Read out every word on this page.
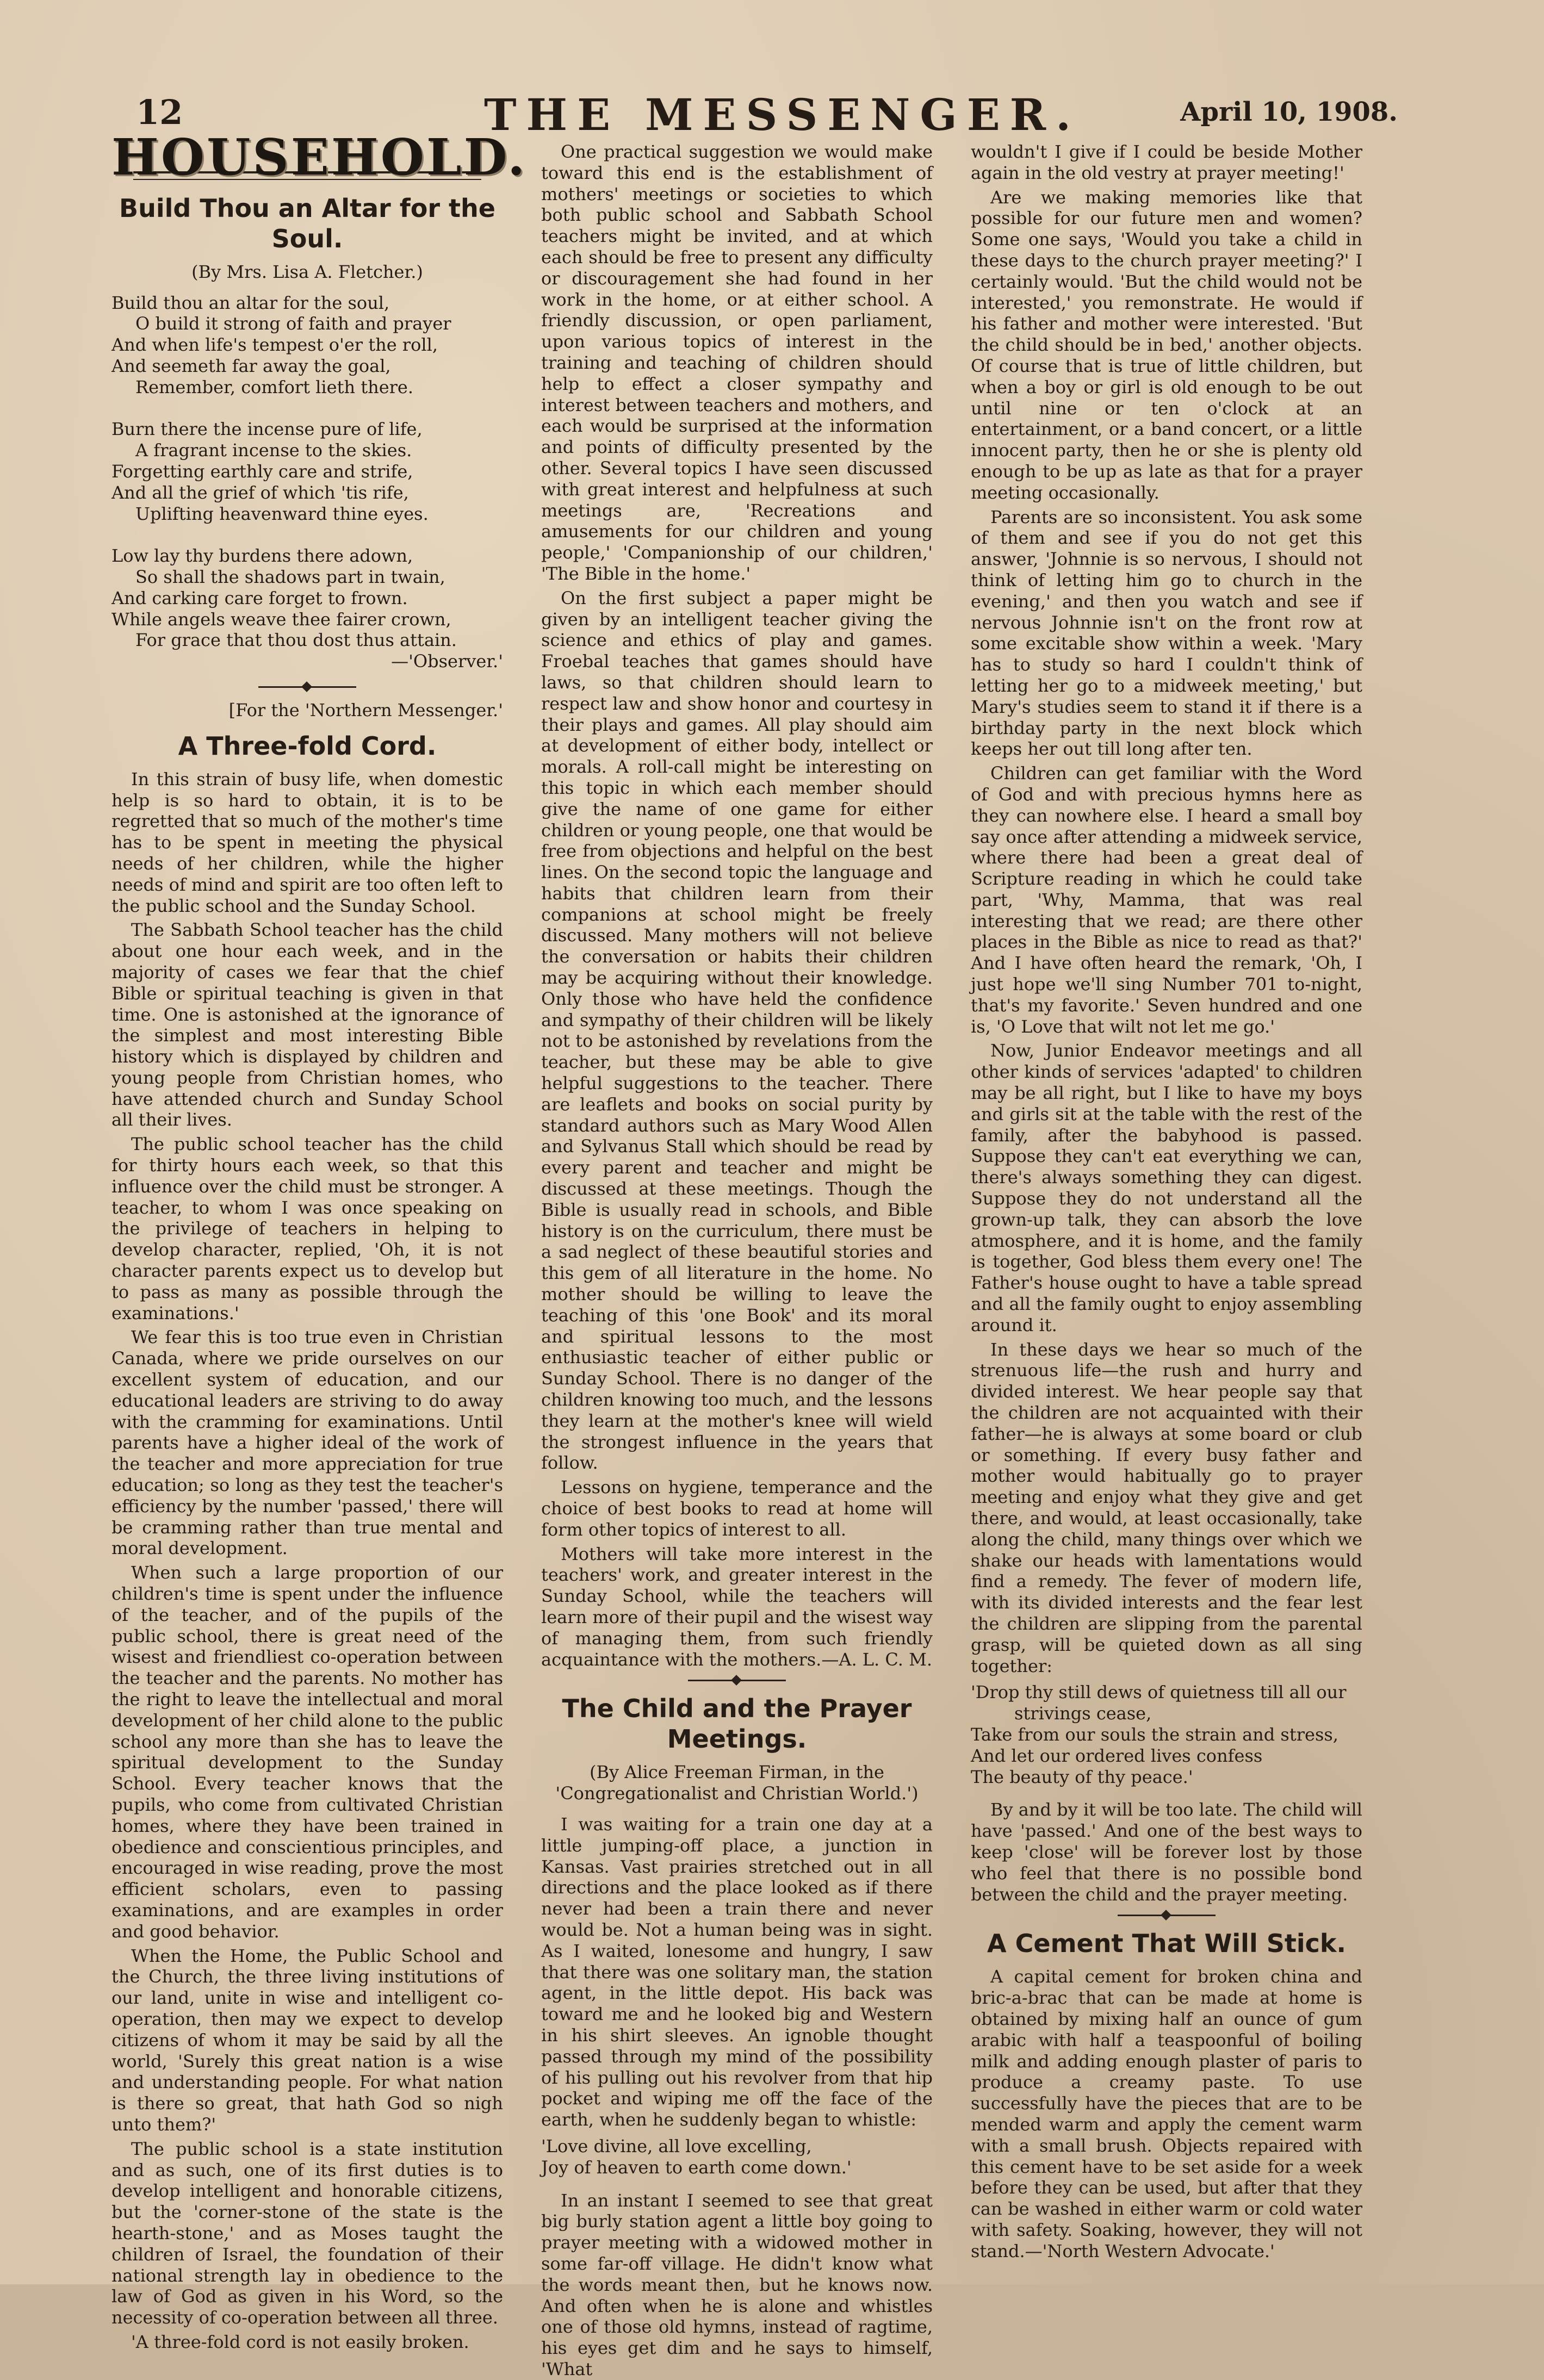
12	THE MESSENGER.	April 10, 1908.
HOUSEHOLD.
Build Thou an Altar for the Soul.
(By Mrs. Lisa A. Fletcher.)
Build thou an altar for the soul,
O build it strong of faith and prayer
And when life's tempest o'er the roll,
And seemeth far away the goal,
Remember, comfort lieth there.

Burn there the incense pure of life,
A fragrant incense to the skies.
Forgetting earthly care and strife,
And all the grief of which 'tis rife,
Uplifting heavenward thine eyes.

Low lay thy burdens there adown,
So shall the shadows part in twain,
And carking care forget to frown.
While angels weave thee fairer crown,
For grace that thou dost thus attain.
—'Observer.'
[For the 'Northern Messenger.'
A Three-fold Cord.

In this strain of busy life, when domestic help is so hard to obtain, it is to be regretted that so much of the mother's time has to be spent in meeting the physical needs of her children, while the higher needs of mind and spirit are too often left to the public school and the Sunday School.

The Sabbath School teacher has the child about one hour each week, and in the majority of cases we fear that the chief Bible or spiritual teaching is given in that time. One is astonished at the ignorance of the simplest and most interesting Bible history which is displayed by children and young people from Christian homes, who have attended church and Sunday School all their lives.

The public school teacher has the child for thirty hours each week, so that this influence over the child must be stronger. A teacher, to whom I was once speaking on the privilege of teachers in helping to develop character, replied, 'Oh, it is not character parents expect us to develop but to pass as many as possible through the examinations.'

We fear this is too true even in Christian Canada, where we pride ourselves on our excellent system of education, and our educational leaders are striving to do away with the cramming for examinations. Until parents have a higher ideal of the work of the teacher and more appreciation for true education; so long as they test the teacher's efficiency by the number 'passed,' there will be cramming rather than true mental and moral development.

When such a large proportion of our children's time is spent under the influence of the teacher, and of the pupils of the public school, there is great need of the wisest and friendliest co-operation between the teacher and the parents. No mother has the right to leave the intellectual and moral development of her child alone to the public school any more than she has to leave the spiritual development to the Sunday School. Every teacher knows that the pupils, who come from cultivated Christian homes, where they have been trained in obedience and conscientious principles, and encouraged in wise reading, prove the most efficient scholars, even to passing examinations, and are examples in order and good behavior.

When the Home, the Public School and the Church, the three living institutions of our land, unite in wise and intelligent co-operation, then may we expect to develop citizens of whom it may be said by all the world, 'Surely this great nation is a wise and understanding people. For what nation is there so great, that hath God so nigh unto them?'

The public school is a state institution and as such, one of its first duties is to develop intelligent and honorable citizens, but the 'corner-stone of the state is the hearth-stone,' and as Moses taught the children of Israel, the foundation of their national strength lay in obedience to the law of God as given in his Word, so the necessity of co-operation between all three.

'A three-fold cord is not easily broken.

One practical suggestion we would make toward this end is the establishment of mothers' meetings or societies to which both public school and Sabbath School teachers might be invited, and at which each should be free to present any difficulty or discouragement she had found in her work in the home, or at either school. A friendly discussion, or open parliament, upon various topics of interest in the training and teaching of children should help to effect a closer sympathy and interest between teachers and mothers, and each would be surprised at the information and points of difficulty presented by the other. Several topics I have seen discussed with great interest and helpfulness at such meetings are, 'Recreations and amusements for our children and young people,' 'Companionship of our children,' 'The Bible in the home.'

On the first subject a paper might be given by an intelligent teacher giving the science and ethics of play and games. Froebal teaches that games should have laws, so that children should learn to respect law and show honor and courtesy in their plays and games. All play should aim at development of either body, intellect or morals. A roll-call might be interesting on this topic in which each member should give the name of one game for either children or young people, one that would be free from objections and helpful on the best lines. On the second topic the language and habits that children learn from their companions at school might be freely discussed. Many mothers will not believe the conversation or habits their children may be acquiring without their knowledge. Only those who have held the confidence and sympathy of their children will be likely not to be astonished by revelations from the teacher, but these may be able to give helpful suggestions to the teacher. There are leaflets and books on social purity by standard authors such as Mary Wood Allen and Sylvanus Stall which should be read by every parent and teacher and might be discussed at these meetings. Though the Bible is usually read in schools, and Bible history is on the curriculum, there must be a sad neglect of these beautiful stories and this gem of all literature in the home. No mother should be willing to leave the teaching of this 'one Book' and its moral and spiritual lessons to the most enthusiastic teacher of either public or Sunday School. There is no danger of the children knowing too much, and the lessons they learn at the mother's knee will wield the strongest influence in the years that follow.

Lessons on hygiene, temperance and the choice of best books to read at home will form other topics of interest to all.

Mothers will take more interest in the teachers' work, and greater interest in the Sunday School, while the teachers will learn more of their pupil and the wisest way of managing them, from such friendly acquaintance with the mothers.—A. L. C. M.

The Child and the Prayer Meetings.
(By Alice Freeman Firman, in the 'Congregationalist and Christian World.')

I was waiting for a train one day at a little jumping-off place, a junction in Kansas. Vast prairies stretched out in all directions and the place looked as if there never had been a train there and never would be. Not a human being was in sight. As I waited, lonesome and hungry, I saw that there was one solitary man, the station agent, in the little depot. His back was toward me and he looked big and Western in his shirt sleeves. An ignoble thought passed through my mind of the possibility of his pulling out his revolver from that hip pocket and wiping me off the face of the earth, when he suddenly began to whistle:

'Love divine, all love excelling,
Joy of heaven to earth come down.'

In an instant I seemed to see that great big burly station agent a little boy going to prayer meeting with a widowed mother in some far-off village. He didn't know what the words meant then, but he knows now. And often when he is alone and whistles one of those old hymns, instead of ragtime, his eyes get dim and he says to himself, 'What

wouldn't I give if I could be beside Mother again in the old vestry at prayer meeting!'

Are we making memories like that possible for our future men and women? Some one says, 'Would you take a child in these days to the church prayer meeting?' I certainly would. 'But the child would not be interested,' you remonstrate. He would if his father and mother were interested. 'But the child should be in bed,' another objects. Of course that is true of little children, but when a boy or girl is old enough to be out until nine or ten o'clock at an entertainment, or a band concert, or a little innocent party, then he or she is plenty old enough to be up as late as that for a prayer meeting occasionally.

Parents are so inconsistent. You ask some of them and see if you do not get this answer, 'Johnnie is so nervous, I should not think of letting him go to church in the evening,' and then you watch and see if nervous Johnnie isn't on the front row at some excitable show within a week. 'Mary has to study so hard I couldn't think of letting her go to a midweek meeting,' but Mary's studies seem to stand it if there is a birthday party in the next block which keeps her out till long after ten.

Children can get familiar with the Word of God and with precious hymns here as they can nowhere else. I heard a small boy say once after attending a midweek service, where there had been a great deal of Scripture reading in which he could take part, 'Why, Mamma, that was real interesting that we read; are there other places in the Bible as nice to read as that?' And I have often heard the remark, 'Oh, I just hope we'll sing Number 701 to-night, that's my favorite.' Seven hundred and one is, 'O Love that wilt not let me go.'

Now, Junior Endeavor meetings and all other kinds of services 'adapted' to children may be all right, but I like to have my boys and girls sit at the table with the rest of the family, after the babyhood is passed. Suppose they can't eat everything we can, there's always something they can digest. Suppose they do not understand all the grown-up talk, they can absorb the love atmosphere, and it is home, and the family is together, God bless them every one! The Father's house ought to have a table spread and all the family ought to enjoy assembling around it.

In these days we hear so much of the strenuous life—the rush and hurry and divided interest. We hear people say that the children are not acquainted with their father—he is always at some board or club or something. If every busy father and mother would habitually go to prayer meeting and enjoy what they give and get there, and would, at least occasionally, take along the child, many things over which we shake our heads with lamentations would find a remedy. The fever of modern life, with its divided interests and the fear lest the children are slipping from the parental grasp, will be quieted down as all sing together:

'Drop thy still dews of quietness till all our
strivings cease,
Take from our souls the strain and stress,
And let our ordered lives confess
The beauty of thy peace.'

By and by it will be too late. The child will have 'passed.' And one of the best ways to keep 'close' will be forever lost by those who feel that there is no possible bond between the child and the prayer meeting.

A Cement That Will Stick.

A capital cement for broken china and bric-a-brac that can be made at home is obtained by mixing half an ounce of gum arabic with half a teaspoonful of boiling milk and adding enough plaster of paris to produce a creamy paste. To use successfully have the pieces that are to be mended warm and apply the cement warm with a small brush. Objects repaired with this cement have to be set aside for a week before they can be used, but after that they can be washed in either warm or cold water with safety. Soaking, however, they will not stand.—'North Western Advocate.'
